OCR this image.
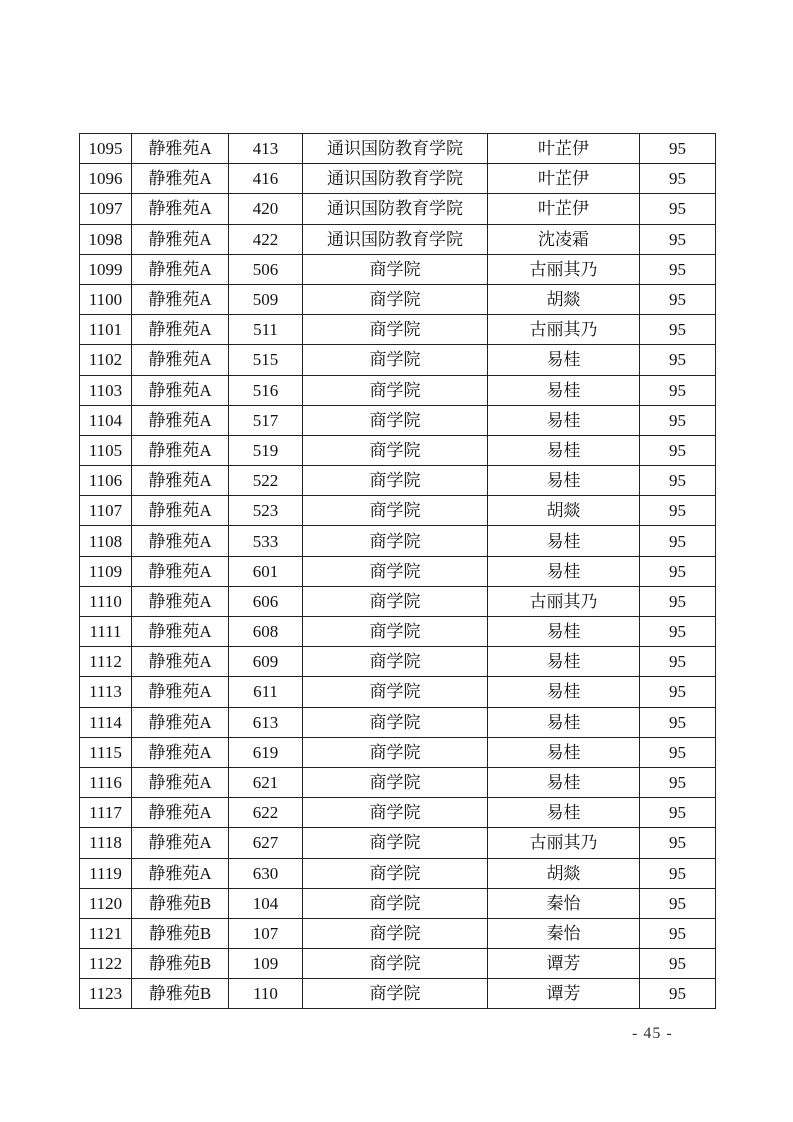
1095	静雅苑A	413	通识国防教育学院	叶芷伊	95
1096	静雅苑A	416	通识国防教育学院	叶芷伊	95
1097	静雅苑A	420	通识国防教育学院	叶芷伊	95
1098	静雅苑A	422	通识国防教育学院	沈凌霜	95
1099	静雅苑A	506	商学院	古丽其乃	95
1100	静雅苑A	509	商学院	胡燚	95
1101	静雅苑A	511	商学院	古丽其乃	95
1102	静雅苑A	515	商学院	易桂	95
1103	静雅苑A	516	商学院	易桂	95
1104	静雅苑A	517	商学院	易桂	95
1105	静雅苑A	519	商学院	易桂	95
1106	静雅苑A	522	商学院	易桂	95
1107	静雅苑A	523	商学院	胡燚	95
1108	静雅苑A	533	商学院	易桂	95
1109	静雅苑A	601	商学院	易桂	95
1110	静雅苑A	606	商学院	古丽其乃	95
1111	静雅苑A	608	商学院	易桂	95
1112	静雅苑A	609	商学院	易桂	95
1113	静雅苑A	611	商学院	易桂	95
1114	静雅苑A	613	商学院	易桂	95
1115	静雅苑A	619	商学院	易桂	95
1116	静雅苑A	621	商学院	易桂	95
1117	静雅苑A	622	商学院	易桂	95
1118	静雅苑A	627	商学院	古丽其乃	95
1119	静雅苑A	630	商学院	胡燚	95
1120	静雅苑B	104	商学院	秦怡	95
1121	静雅苑B	107	商学院	秦怡	95
1122	静雅苑B	109	商学院	谭芳	95
1123	静雅苑B	110	商学院	谭芳	95
- 45 -
